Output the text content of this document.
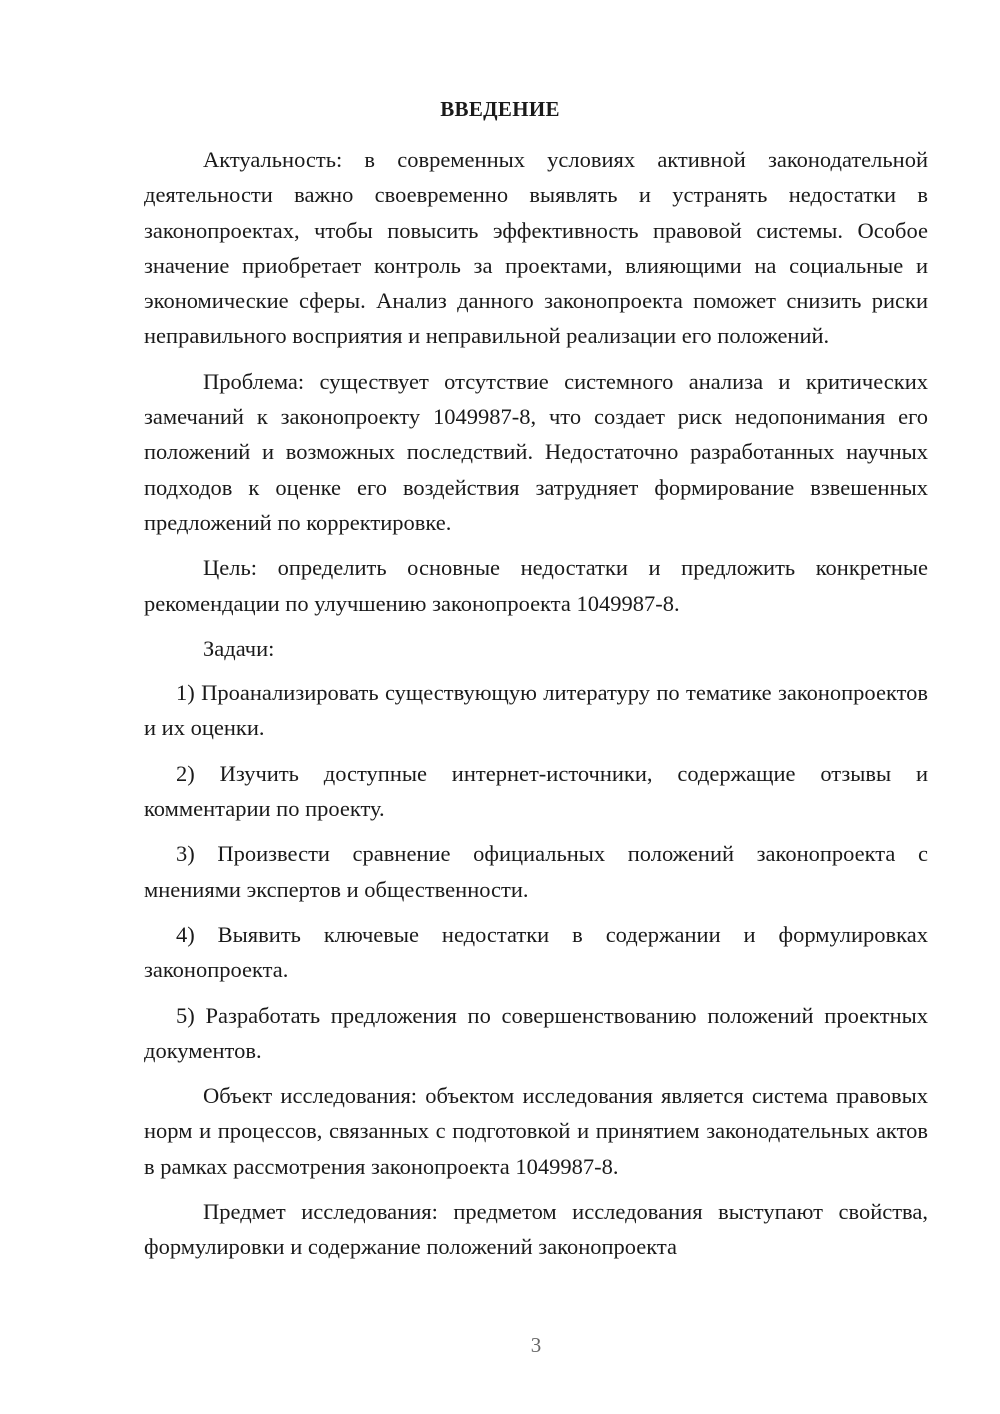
ВВЕДЕНИЕ

Актуальность: в современных условиях активной законодательной деятельности важно своевременно выявлять и устранять недостатки в законопроектах, чтобы повысить эффективность правовой системы. Особое значение приобретает контроль за проектами, влияющими на социальные и экономические сферы. Анализ данного законопроекта поможет снизить риски неправильного восприятия и неправильной реализации его положений.

Проблема: существует отсутствие системного анализа и критических замечаний к законопроекту 1049987-8, что создает риск недопонимания его положений и возможных последствий. Недостаточно разработанных научных подходов к оценке его воздействия затрудняет формирование взвешенных предложений по корректировке.

Цель: определить основные недостатки и предложить конкретные рекомендации по улучшению законопроекта 1049987-8.

Задачи:

1) Проанализировать существующую литературу по тематике законопроектов и их оценки.

2) Изучить доступные интернет-источники, содержащие отзывы и комментарии по проекту.

3) Произвести сравнение официальных положений законопроекта с мнениями экспертов и общественности.

4) Выявить ключевые недостатки в содержании и формулировках законопроекта.

5) Разработать предложения по совершенствованию положений проектных документов.

Объект исследования: объектом исследования является система правовых норм и процессов, связанных с подготовкой и принятием законодательных актов в рамках рассмотрения законопроекта 1049987-8.

Предмет исследования: предметом исследования выступают свойства, формулировки и содержание положений законопроекта

3
